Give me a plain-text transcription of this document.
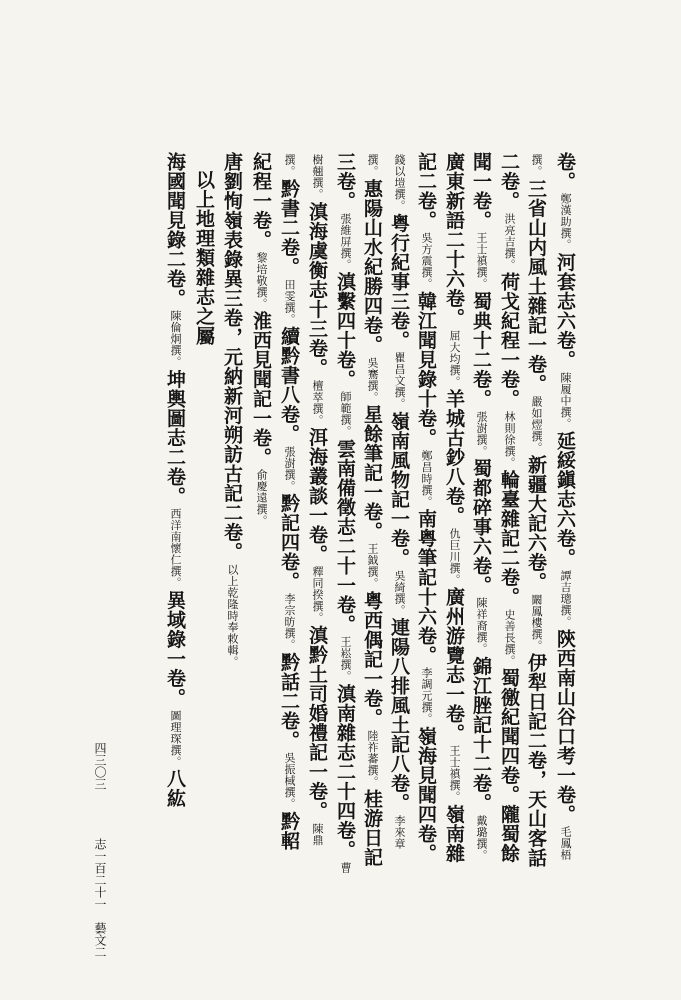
卷。鄭漢助撰。河套志六卷。陳履中撰。延綏鎭志六卷。譚吉璁撰。陝西南山谷口考一卷。毛鳳梧
撰。三省山内風土雜記一卷。嚴如熤撰。新疆大記六卷。闞鳳樓撰。伊犁日記二卷，天山客話
二卷。洪亮吉撰。荷戈紀程一卷。林則徐撰。輪臺雜記二卷。史善長撰。蜀徼紀聞四卷。隴蜀餘
聞一卷。王士禛撰。蜀典十二卷。張澍撰。蜀都碎事六卷。陳祥裔撰。錦江脞記十二卷。戴璐撰。
廣東新語二十六卷。屈大均撰。羊城古鈔八卷。仇巨川撰。廣州游覽志一卷。王士禛撰。嶺南雜
記二卷。吳方震撰。韓江聞見錄十卷。鄭昌時撰。南粤筆記十六卷。李調元撰。嶺海見聞四卷。
錢以塏撰。粤行紀事三卷。瞿昌文撰。嶺南風物記一卷。吳綺撰。連陽八排風土記八卷。李來章
撰。惠陽山水紀勝四卷。吳騫撰。星餘筆記一卷。王鉞撰。粤西偶記一卷。陸祚蕃撰。桂游日記
三卷。張維屏撰。滇繫四十卷。師範撰。雲南備徵志二十一卷。王崧撰。滇南雜志二十四卷。曹
樹翹撰。滇海虞衡志十三卷。檀萃撰。洱海叢談一卷。釋同揆撰。滇黔土司婚禮記一卷。陳鼎
撰。黔書二卷。田雯撰。續黔書八卷。張澍撰。黔記四卷。李宗昉撰。黔話二卷。吳振棫撰。黔軺
紀程一卷。黎培敬撰。淮西見聞記一卷。俞慶遠撰。
唐劉恂嶺表錄異三卷，元納新河朔訪古記二卷。以上乾隆時奉敕輯。
以上地理類雜志之屬
海國聞見錄二卷。陳倫炯撰。坤輿圖志二卷。西洋南懷仁撰。異域錄一卷。圖理琛撰。八紘
志一百二十一　藝文二
四三〇三
